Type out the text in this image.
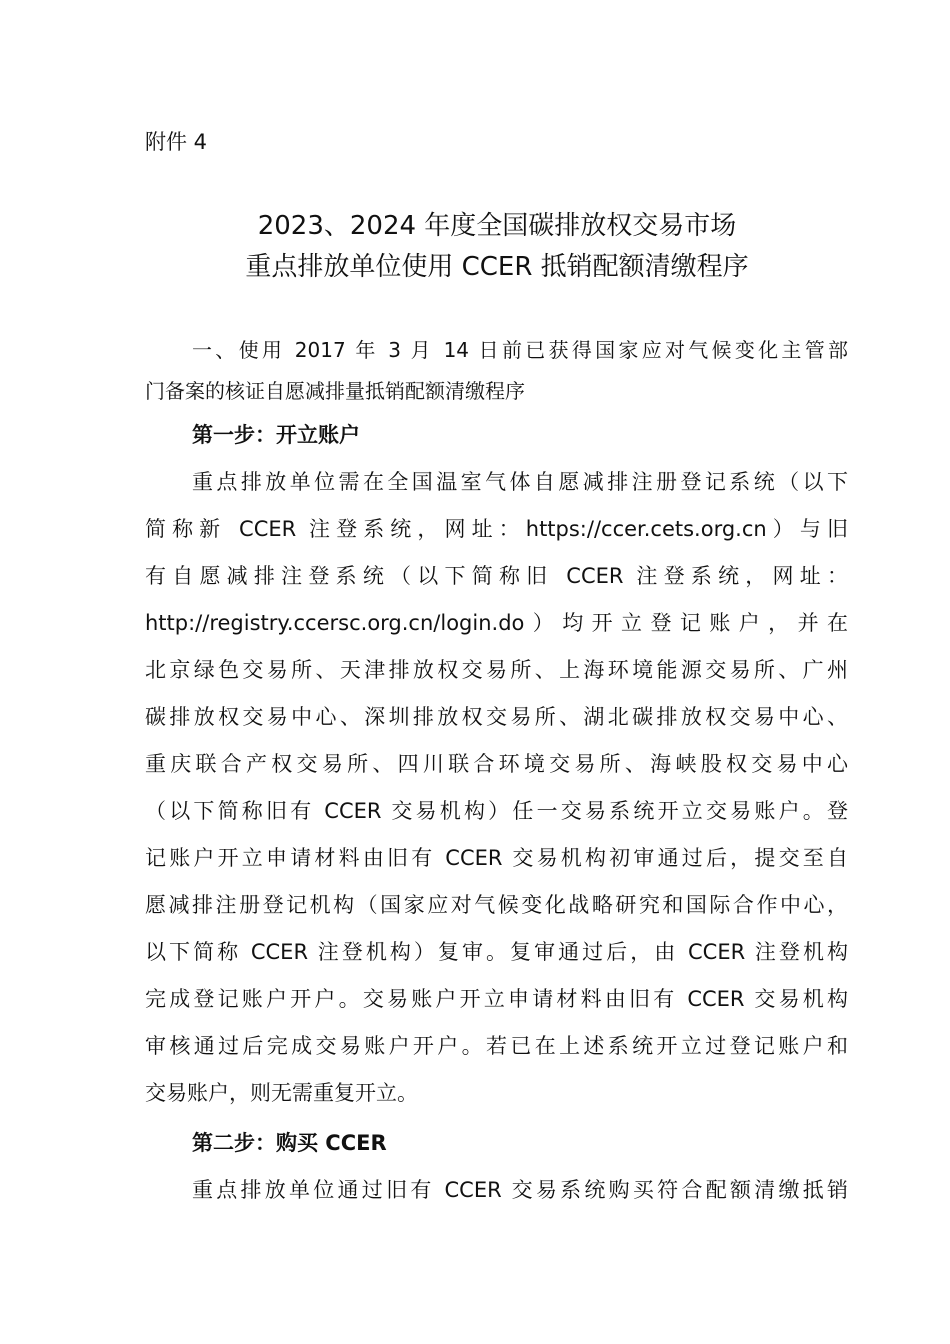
附件 4

2023、2024 年度全国碳排放权交易市场
重点排放单位使用 CCER 抵销配额清缴程序

一、使用 2017 年 3 月 14 日前已获得国家应对气候变化主管部

门备案的核证自愿减排量抵销配额清缴程序

第一步：开立账户

重点排放单位需在全国温室气体自愿减排注册登记系统（以下

简称新 CCER 注登系统，网址：https://ccer.cets.org.cn）与旧

有自愿减排注登系统（以下简称旧 CCER 注登系统，网址：

http://registry.ccersc.org.cn/login.do）均开立登记账户，并在

北京绿色交易所、天津排放权交易所、上海环境能源交易所、广州

碳排放权交易中心、深圳排放权交易所、湖北碳排放权交易中心、

重庆联合产权交易所、四川联合环境交易所、海峡股权交易中心

（以下简称旧有 CCER 交易机构）任一交易系统开立交易账户。登

记账户开立申请材料由旧有 CCER 交易机构初审通过后，提交至自

愿减排注册登记机构（国家应对气候变化战略研究和国际合作中心，

以下简称 CCER 注登机构）复审。复审通过后，由 CCER 注登机构

完成登记账户开户。交易账户开立申请材料由旧有 CCER 交易机构

审核通过后完成交易账户开户。若已在上述系统开立过登记账户和

交易账户，则无需重复开立。

第二步：购买 CCER

重点排放单位通过旧有 CCER 交易系统购买符合配额清缴抵销
